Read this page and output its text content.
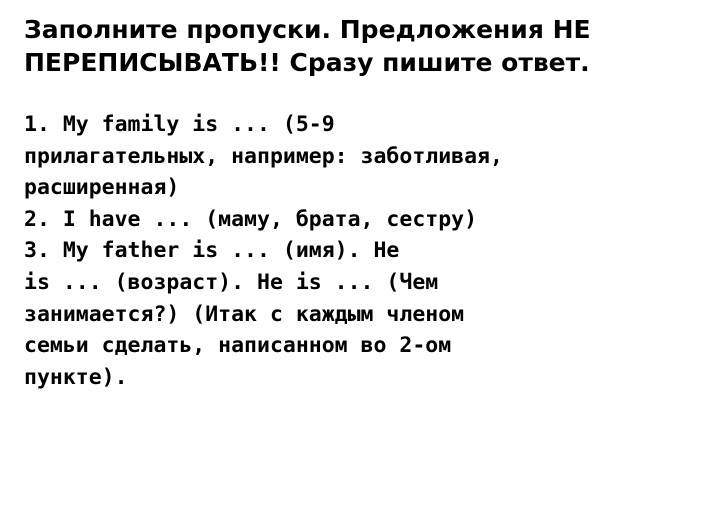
Заполните пропуски. Предложения НЕ
ПЕРЕПИСЫВАТЬ!! Сразу пишите ответ.
1. My family is ... (5-9
прилагательных, например: заботливая,
расширенная)
2. I have ... (маму, брата, сестру)
3. My father is ... (имя). He
is ... (возраст). He is ... (Чем
занимается?) (Итак с каждым членом
семьи сделать, написанном во 2-ом
пункте).
